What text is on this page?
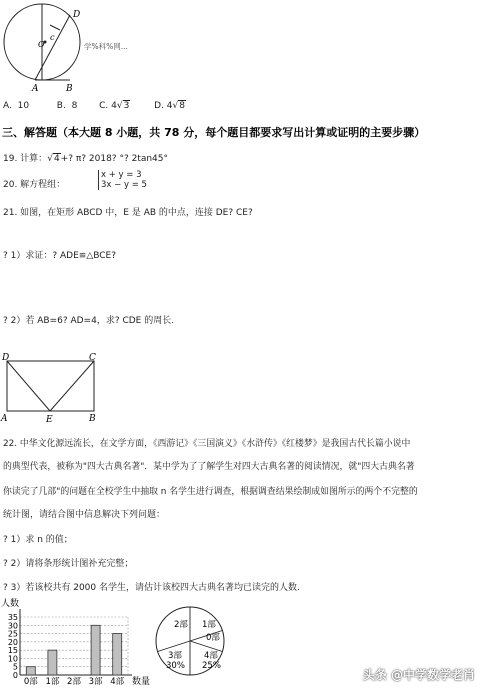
D
c
O
A	B
学%科%网...
A. 10	B. 8 C. 4√3	D. 4√8
三、解答题（本大题 8 小题，共 78 分，每个题目都要求写出计算或证明的主要步骤）
19. 计算：√4+? π? 2018? °? 2tan45°
20. 解方程组：
x + y = 3
3x − y = 5
21. 如图，在矩形 ABCD 中，E 是 AB 的中点，连接 DE? CE?
? 1）求证：? ADE≌△BCE?
? 2）若 AB=6? AD=4，求? CDE 的周长.
D	C
A	E	B
22. 中华文化源远流长，在文学方面，《西游记》《三国演义》《水浒传》《红楼梦》是我国古代长篇小说中
的典型代表，被称为"四大古典名著"．某中学为了了解学生对四大古典名著的阅读情况，就"四大古典名著
你读完了几部"的问题在全校学生中抽取 n 名学生进行调查，根据调查结果绘制成如图所示的两个不完整的
统计图，请结合图中信息解决下列问题：
? 1）求 n 的值；
? 2）请将条形统计图补充完整；
? 3）若该校共有 2000 名学生，请估计该校四大古典名著均已读完的人数.
人数
0
5
10
15
20
25
30
35
0部 1部 2部 3部 4部 数量
2部 1部
0部
4部
25%
3部
30%
头条 @中学数学老肖
